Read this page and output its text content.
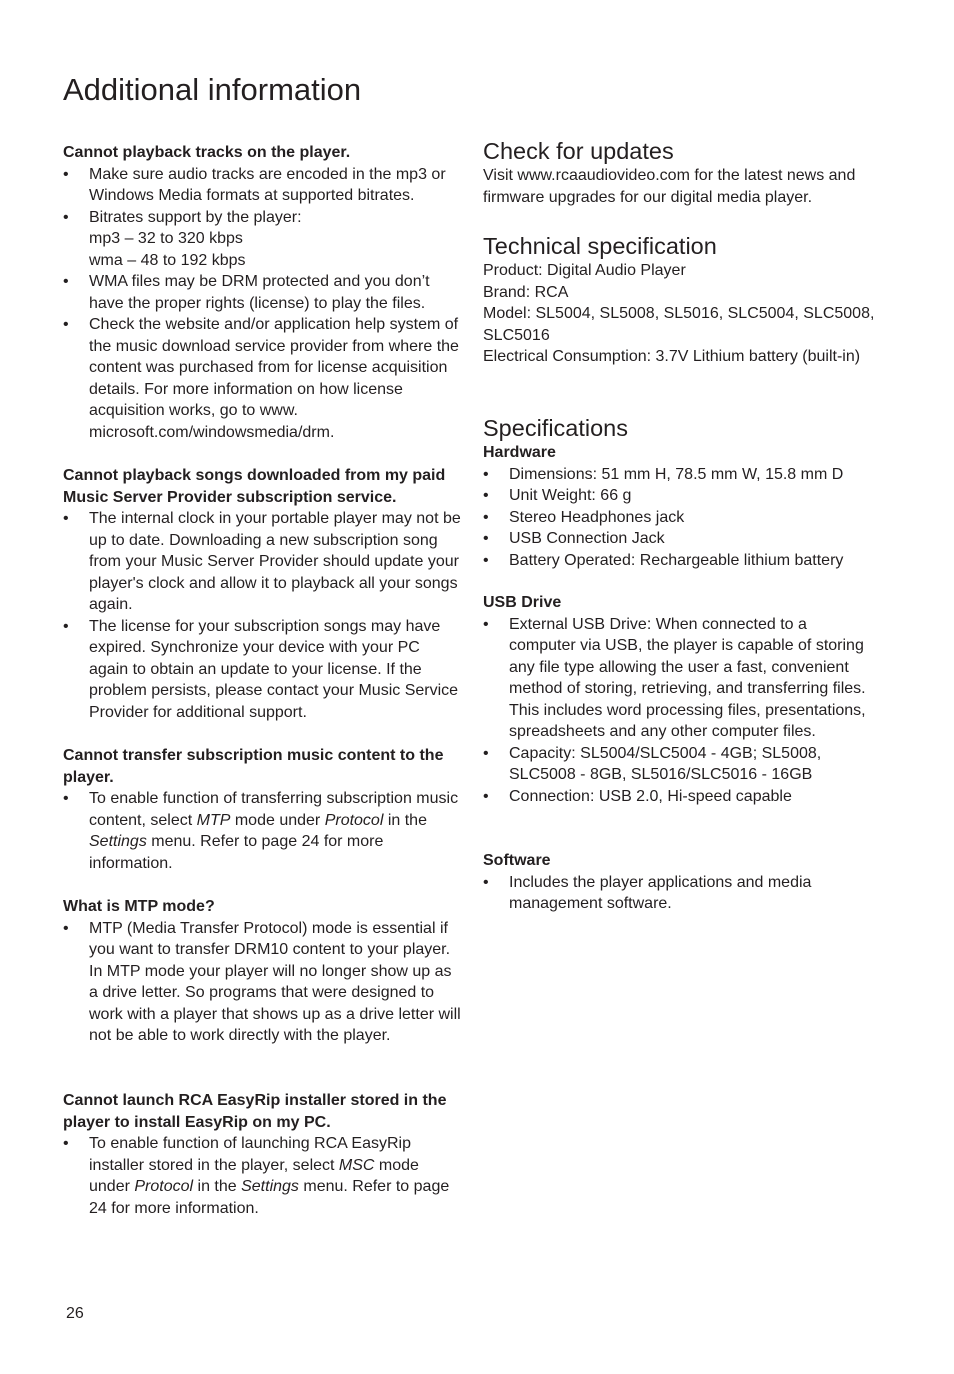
Additional information

Cannot playback tracks on the player.

• Make sure audio tracks are encoded in the mp3 or Windows Media formats at supported bitrates.
• Bitrates support by the player:
mp3 – 32 to 320 kbps
wma – 48 to 192 kbps
• WMA files may be DRM protected and you don’t have the proper rights (license) to play the files.
• Check the website and/or application help system of the music download service provider from where the content was purchased from for license acquisition details. For more information on how license acquisition works, go to www. microsoft.com/windowsmedia/drm.

Cannot playback songs downloaded from my paid Music Server Provider subscription service.

• The internal clock in your portable player may not be up to date. Downloading a new subscription song from your Music Server Provider should update your player's clock and allow it to playback all your songs again.
• The license for your subscription songs may have expired. Synchronize your device with your PC again to obtain an update to your license. If the problem persists, please contact your Music Service Provider for additional support.

Cannot transfer subscription music content to the player.

• To enable function of transferring subscription music content, select MTP mode under Protocol in the Settings menu. Refer to page 24 for more information.

What is MTP mode?

• MTP (Media Transfer Protocol) mode is essential if you want to transfer DRM10 content to your player. In MTP mode your player will no longer show up as a drive letter. So programs that were designed to work with a player that shows up as a drive letter will not be able to work directly with the player.

Cannot launch RCA EasyRip installer stored in the player to install EasyRip on my PC.

• To enable function of launching RCA EasyRip installer stored in the player, select MSC mode under Protocol in the Settings menu. Refer to page 24 for more information.
Check for updates

Visit www.rcaaudiovideo.com for the latest news and firmware upgrades for our digital media player.

Technical specification

Product: Digital Audio Player

Brand: RCA

Model: SL5004, SL5008, SL5016, SLC5004, SLC5008, SLC5016

Electrical Consumption: 3.7V Lithium battery (built-in)

Specifications

Hardware

• Dimensions: 51 mm H, 78.5 mm W, 15.8 mm D
• Unit Weight: 66 g
• Stereo Headphones jack
• USB Connection Jack
• Battery Operated: Rechargeable lithium battery

USB Drive

• External USB Drive: When connected to a computer via USB, the player is capable of storing any file type allowing the user a fast, convenient method of storing, retrieving, and transferring files. This includes word processing files, presentations, spreadsheets and any other computer files.
• Capacity: SL5004/SLC5004 - 4GB; SL5008, SLC5008 - 8GB, SL5016/SLC5016 - 16GB
• Connection: USB 2.0, Hi-speed capable

Software

• Includes the player applications and media management software.
26
